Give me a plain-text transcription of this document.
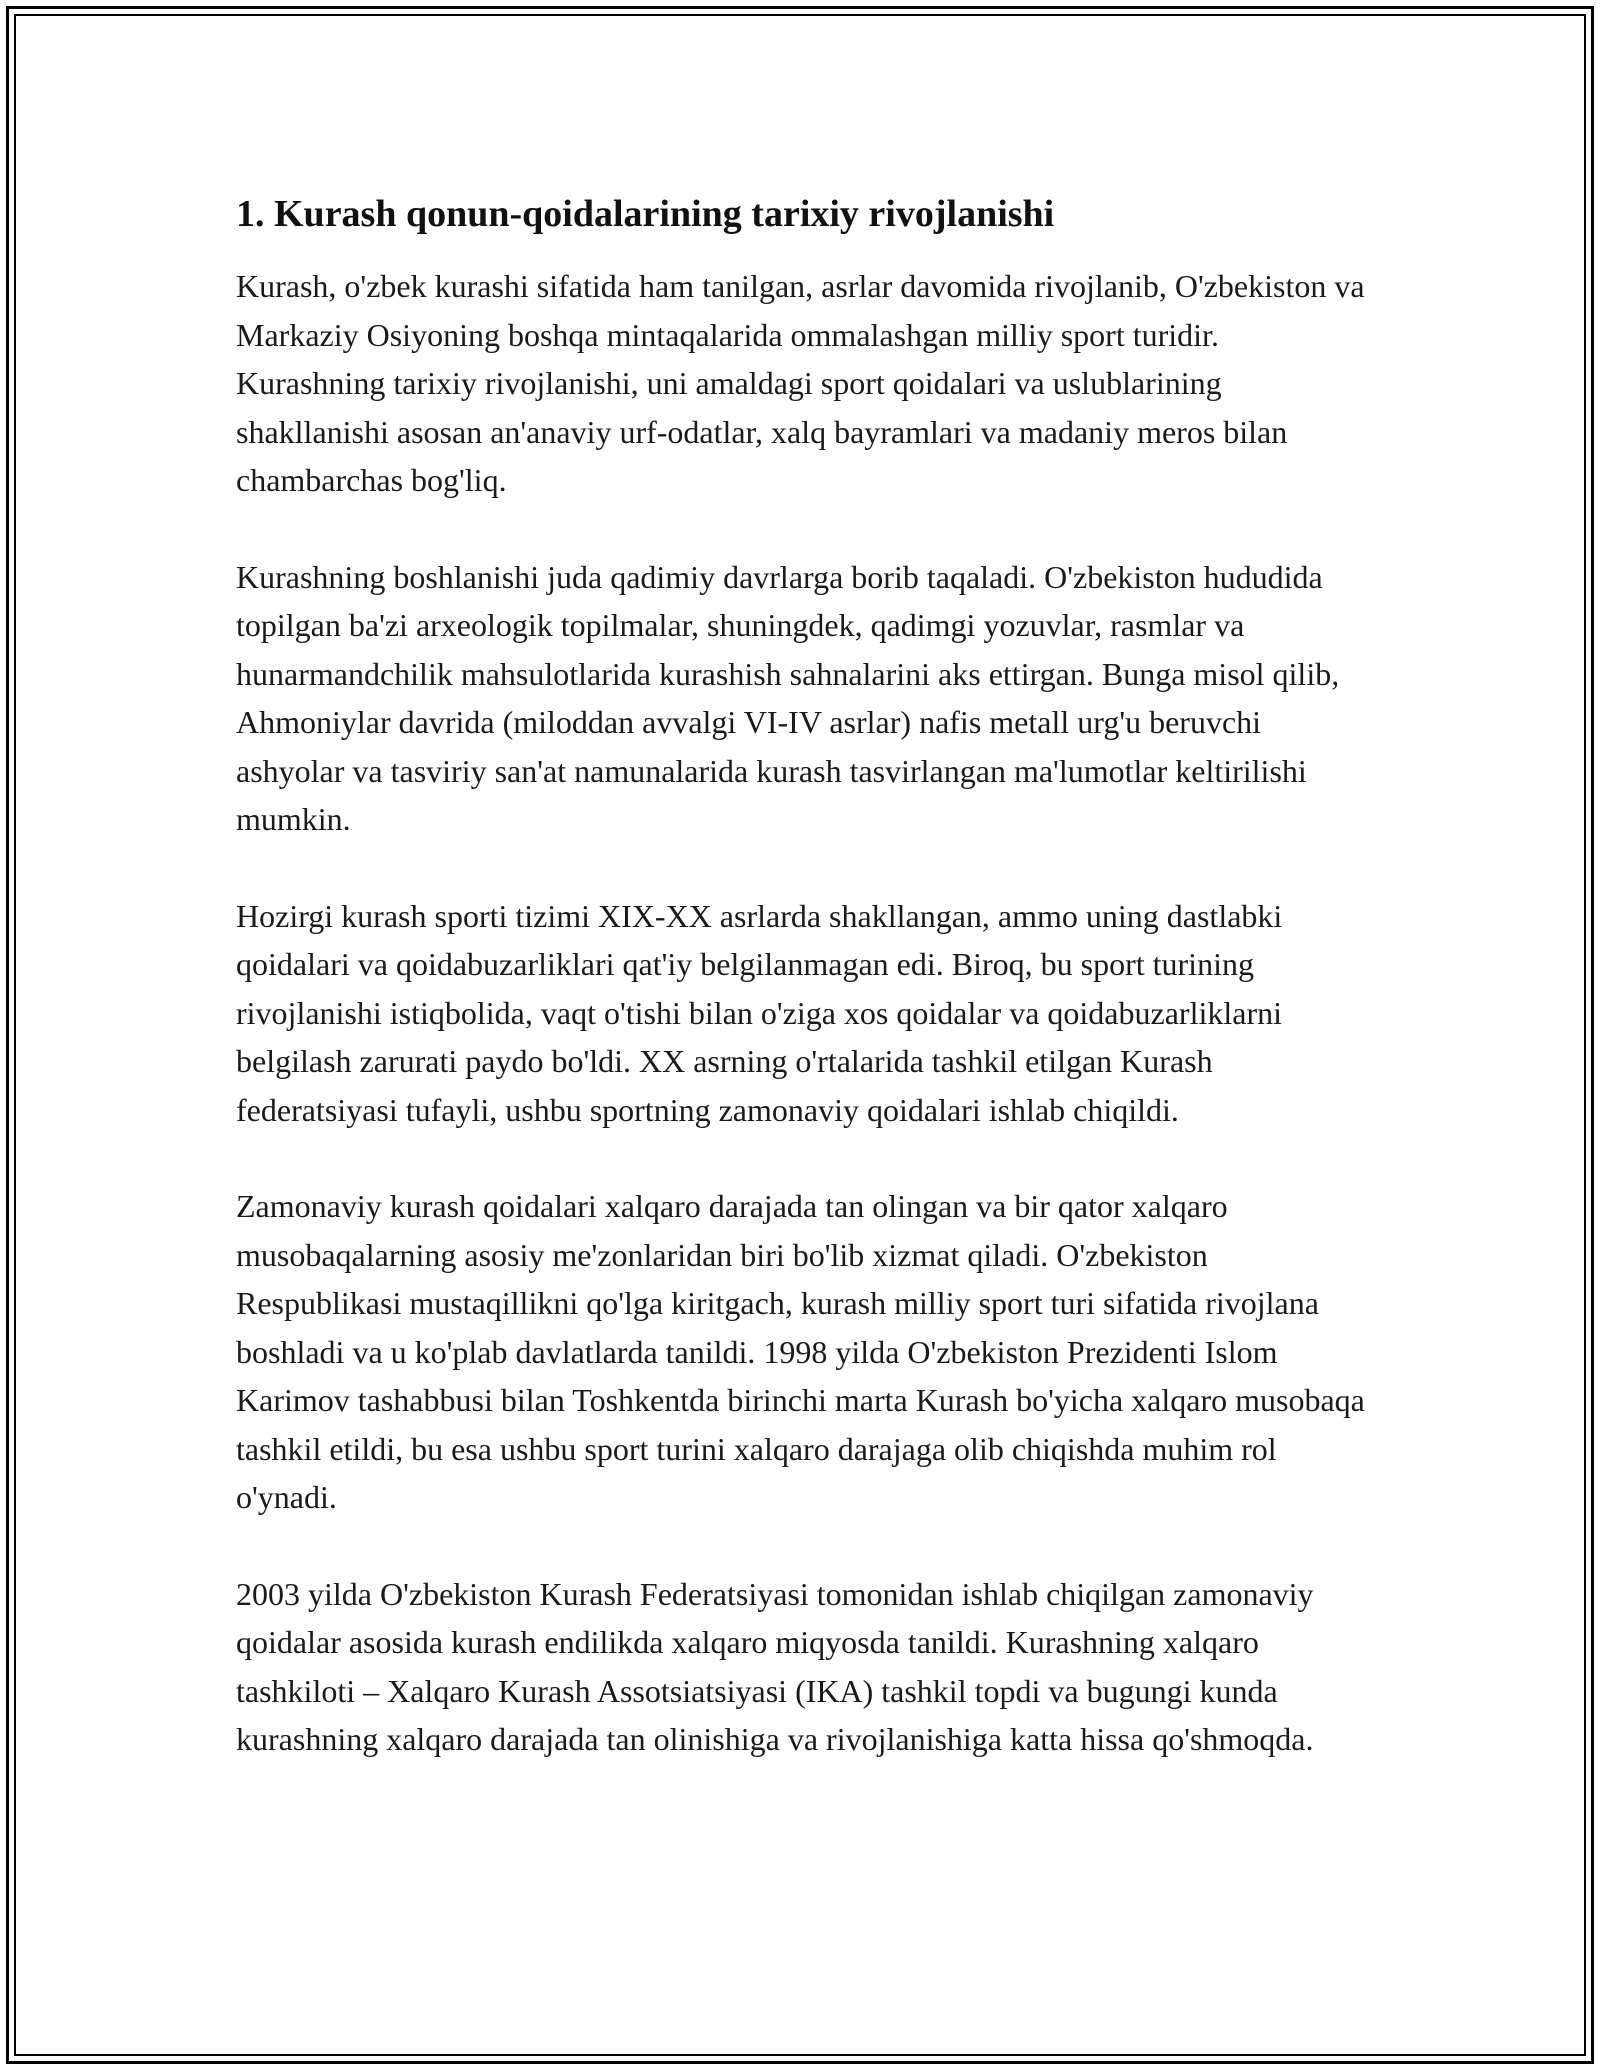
1. Kurash qonun-qoidalarining tarixiy rivojlanishi

Kurash, o'zbek kurashi sifatida ham tanilgan, asrlar davomida rivojlanib, O'zbekiston va Markaziy Osiyoning boshqa mintaqalarida ommalashgan milliy sport turidir. Kurashning tarixiy rivojlanishi, uni amaldagi sport qoidalari va uslublarining shakllanishi asosan an'anaviy urf-odatlar, xalq bayramlari va madaniy meros bilan chambarchas bog'liq.

Kurashning boshlanishi juda qadimiy davrlarga borib taqaladi. O'zbekiston hududida topilgan ba'zi arxeologik topilmalar, shuningdek, qadimgi yozuvlar, rasmlar va hunarmandchilik mahsulotlarida kurashish sahnalarini aks ettirgan. Bunga misol qilib, Ahmoniylar davrida (miloddan avvalgi VI-IV asrlar) nafis metall urg'u beruvchi ashyolar va tasviriy san'at namunalarida kurash tasvirlangan ma'lumotlar keltirilishi mumkin.

Hozirgi kurash sporti tizimi XIX-XX asrlarda shakllangan, ammo uning dastlabki qoidalari va qoidabuzarliklari qat'iy belgilanmagan edi. Biroq, bu sport turining rivojlanishi istiqbolida, vaqt o'tishi bilan o'ziga xos qoidalar va qoidabuzarliklarni belgilash zarurati paydo bo'ldi. XX asrning o'rtalarida tashkil etilgan Kurash federatsiyasi tufayli, ushbu sportning zamonaviy qoidalari ishlab chiqildi.

Zamonaviy kurash qoidalari xalqaro darajada tan olingan va bir qator xalqaro musobaqalarning asosiy me'zonlaridan biri bo'lib xizmat qiladi. O'zbekiston Respublikasi mustaqillikni qo'lga kiritgach, kurash milliy sport turi sifatida rivojlana boshladi va u ko'plab davlatlarda tanildi. 1998 yilda O'zbekiston Prezidenti Islom Karimov tashabbusi bilan Toshkentda birinchi marta Kurash bo'yicha xalqaro musobaqa tashkil etildi, bu esa ushbu sport turini xalqaro darajaga olib chiqishda muhim rol o'ynadi.

2003 yilda O'zbekiston Kurash Federatsiyasi tomonidan ishlab chiqilgan zamonaviy qoidalar asosida kurash endilikda xalqaro miqyosda tanildi. Kurashning xalqaro tashkiloti – Xalqaro Kurash Assotsiatsiyasi (IKA) tashkil topdi va bugungi kunda kurashning xalqaro darajada tan olinishiga va rivojlanishiga katta hissa qo'shmoqda.
